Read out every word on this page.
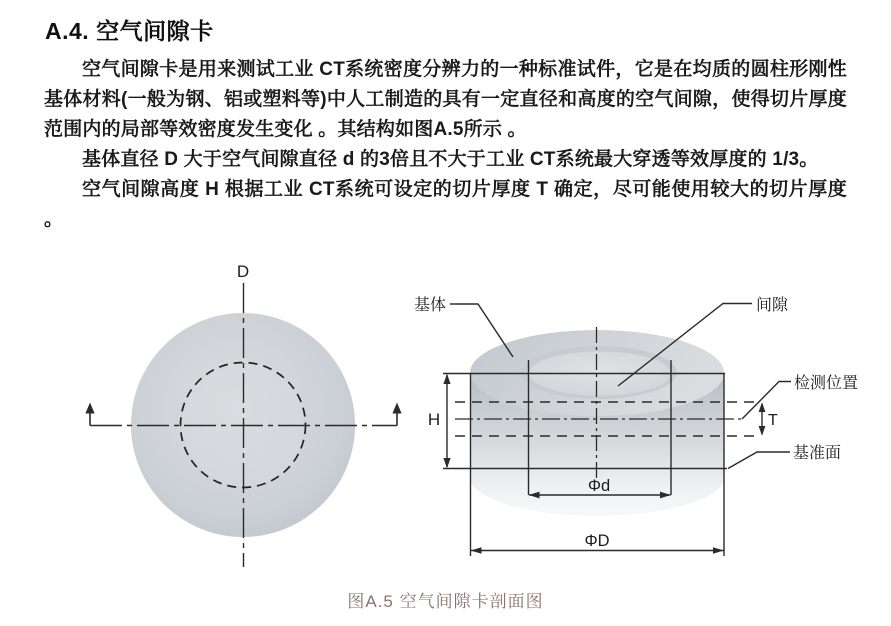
A.4. 空气间隙卡

空气间隙卡是用来测试工业 CT系统密度分辨力的一种标准试件，它是在均质的圆柱形刚性基体材料(一般为钢、铝或塑料等)中人工制造的具有一定直径和高度的空气间隙，使得切片厚度范围内的局部等效密度发生变化 。其结构如图A.5所示 。

基体直径 D 大于空气间隙直径 d 的3倍且不大于工业 CT系统最大穿透等效厚度的 1/3。

空气间隙高度 H 根据工业 CT系统可设定的切片厚度 T 确定，尽可能使用较大的切片厚度 。

D
H	T
Φd
ΦD
基体	间隙
检测位置
基准面
图A.5 空气间隙卡剖面图
